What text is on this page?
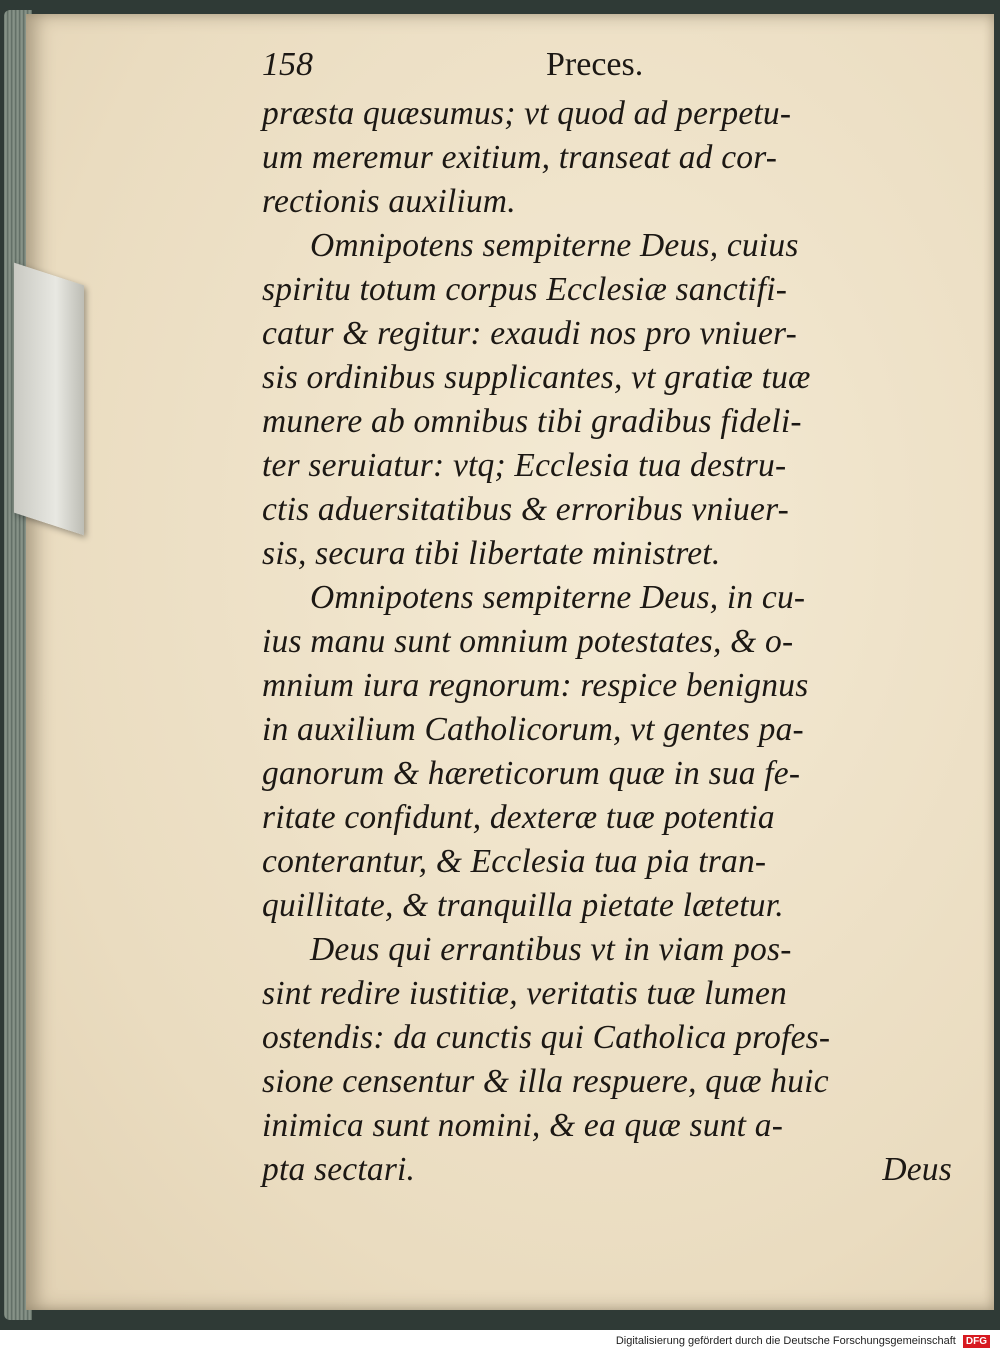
158	Preces.
præsta quæsumus; vt quod ad perpetu-
um meremur exitium, transeat ad cor-
rectionis auxilium.
Omnipotens sempiterne Deus, cuius
spiritu totum corpus Ecclesiæ sanctifi-
catur & regitur: exaudi nos pro vniuer-
sis ordinibus supplicantes, vt gratiæ tuæ
munere ab omnibus tibi gradibus fideli-
ter seruiatur: vtq; Ecclesia tua destru-
ctis aduersitatibus & erroribus vniuer-
sis, secura tibi libertate ministret.
Omnipotens sempiterne Deus, in cu-
ius manu sunt omnium potestates, & o-
mnium iura regnorum: respice benignus
in auxilium Catholicorum, vt gentes pa-
ganorum & hæreticorum quæ in sua fe-
ritate confidunt, dexteræ tuæ potentia
conterantur, & Ecclesia tua pia tran-
quillitate, & tranquilla pietate lætetur.
Deus qui errantibus vt in viam pos-
sint redire iustitiæ, veritatis tuæ lumen
ostendis: da cunctis qui Catholica profes-
sione censentur & illa respuere, quæ huic
inimica sunt nomini, & ea quæ sunt a-
pta sectari.	Deus
Digitalisierung gefördert durch die Deutsche Forschungsgemeinschaft DFG
